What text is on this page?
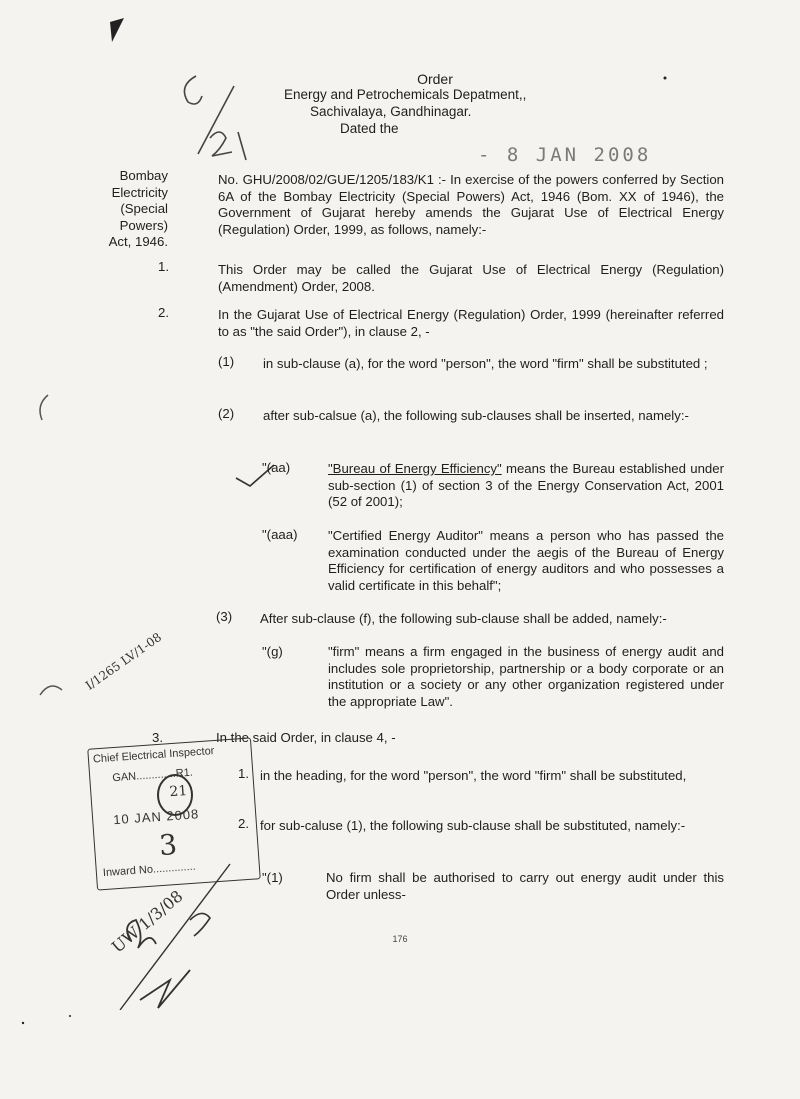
Order
Energy and Petrochemicals Depatment,,
Sachivalaya, Gandhinagar.
Dated the
- 8 JAN 2008
Bombay
Electricity
(Special
Powers)
Act, 1946.
No. GHU/2008/02/GUE/1205/183/K1 :- In exercise of the powers conferred by Section 6A of the Bombay Electricity (Special Powers) Act, 1946 (Bom. XX of 1946), the Government of Gujarat hereby amends the Gujarat Use of Electrical Energy (Regulation) Order, 1999, as follows, namely:-
1.	This Order may be called the Gujarat Use of Electrical Energy (Regulation) (Amendment) Order, 2008.
2.	In the Gujarat Use of Electrical Energy (Regulation) Order, 1999 (hereinafter referred to as "the said Order"), in clause 2, -
(1) in sub-clause (a), for the word "person", the word "firm" shall be substituted ;
(2) after sub-calsue (a), the following sub-clauses shall be inserted, namely:-
"(aa)	"Bureau of Energy Efficiency" means the Bureau established under sub-section (1) of section 3 of the Energy Conservation Act, 2001 (52 of 2001);
"(aaa) "Certified Energy Auditor" means a person who has passed the examination conducted under the aegis of the Bureau of Energy Efficiency for certification of energy auditors and who possesses a valid certificate in this behalf";
(3) After sub-clause (f), the following sub-clause shall be added, namely:-
"(g)	"firm" means a firm engaged in the business of energy audit and includes sole proprietorship, partnership or a body corporate or an institution or a society or any other organization registered under the appropriate Law".
3.	In the said Order, in clause 4, -
1. in the heading, for the word "person", the word "firm" shall be substituted,
2. for sub-caluse (1), the following sub-clause shall be substituted, namely:-
"(1)	No firm shall be authorised to carry out energy audit under this Order unless-
176
I/1265 LV/1-08
Chief Electrical Inspector
GAN.............R1.
21
10 JAN 2008
3
Inward No..............
UW 1/3/08
